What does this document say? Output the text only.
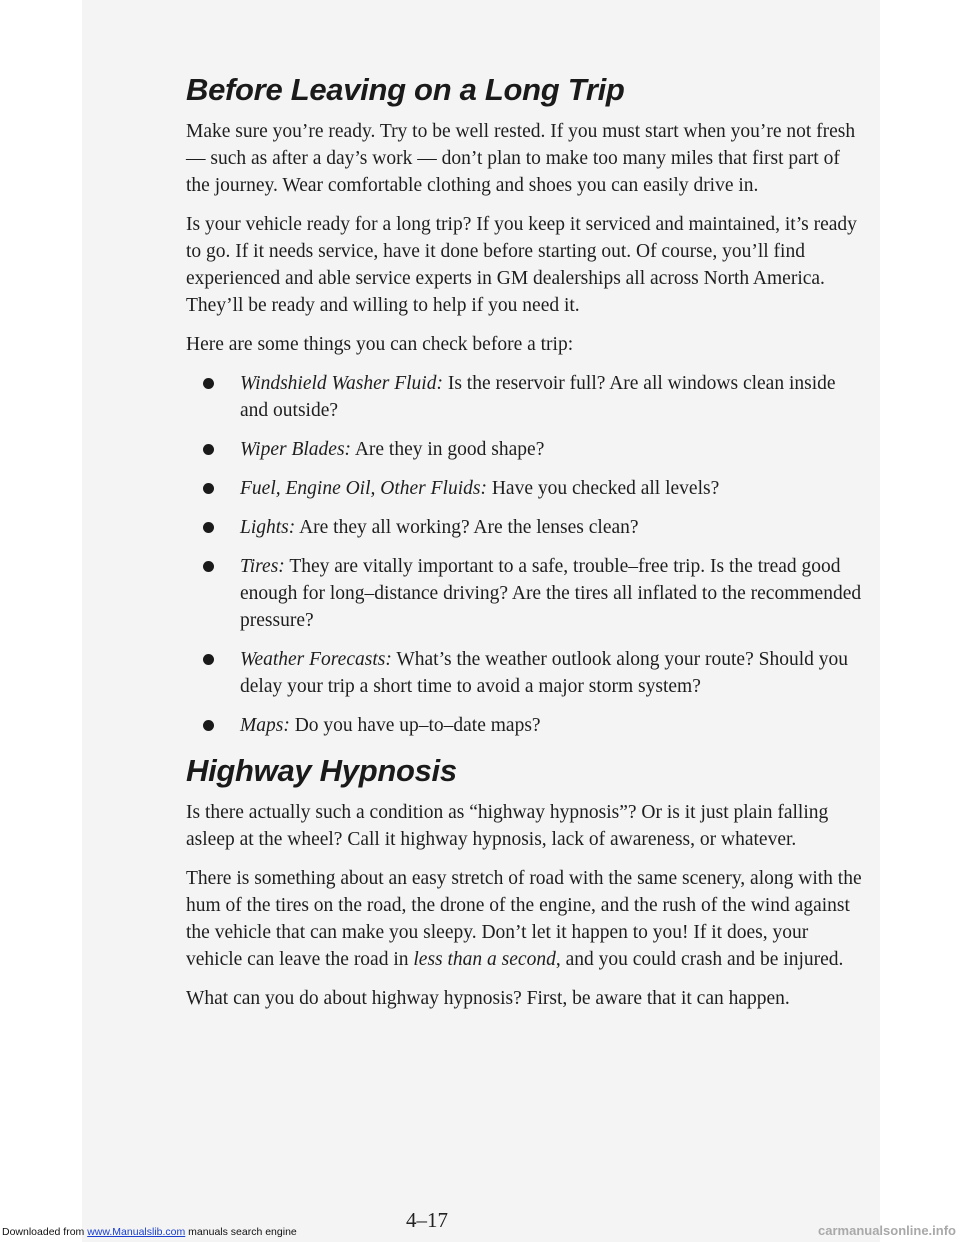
Before Leaving on a Long Trip

Make sure you’re ready. Try to be well rested. If you must start when you’re not fresh — such as after a day’s work — don’t plan to make too many miles that first part of the journey. Wear comfortable clothing and shoes you can easily drive in.

Is your vehicle ready for a long trip? If you keep it serviced and maintained, it’s ready to go. If it needs service, have it done before starting out. Of course, you’ll find experienced and able service experts in GM dealerships all across North America. They’ll be ready and willing to help if you need it.

Here are some things you can check before a trip:

Windshield Washer Fluid: Is the reservoir full? Are all windows clean inside and outside?
Wiper Blades: Are they in good shape?
Fuel, Engine Oil, Other Fluids: Have you checked all levels?
Lights: Are they all working? Are the lenses clean?
Tires: They are vitally important to a safe, trouble–free trip. Is the tread good enough for long–distance driving? Are the tires all inflated to the recommended pressure?
Weather Forecasts: What’s the weather outlook along your route? Should you delay your trip a short time to avoid a major storm system?
Maps: Do you have up–to–date maps?
Highway Hypnosis

Is there actually such a condition as “highway hypnosis”? Or is it just plain falling asleep at the wheel? Call it highway hypnosis, lack of awareness, or whatever.

There is something about an easy stretch of road with the same scenery, along with the hum of the tires on the road, the drone of the engine, and the rush of the wind against the vehicle that can make you sleepy. Don’t let it happen to you! If it does, your vehicle can leave the road in less than a second, and you could crash and be injured.

What can you do about highway hypnosis? First, be aware that it can happen.

4–17
Downloaded from www.Manualslib.com manuals search engine	carmanualsonline.info
